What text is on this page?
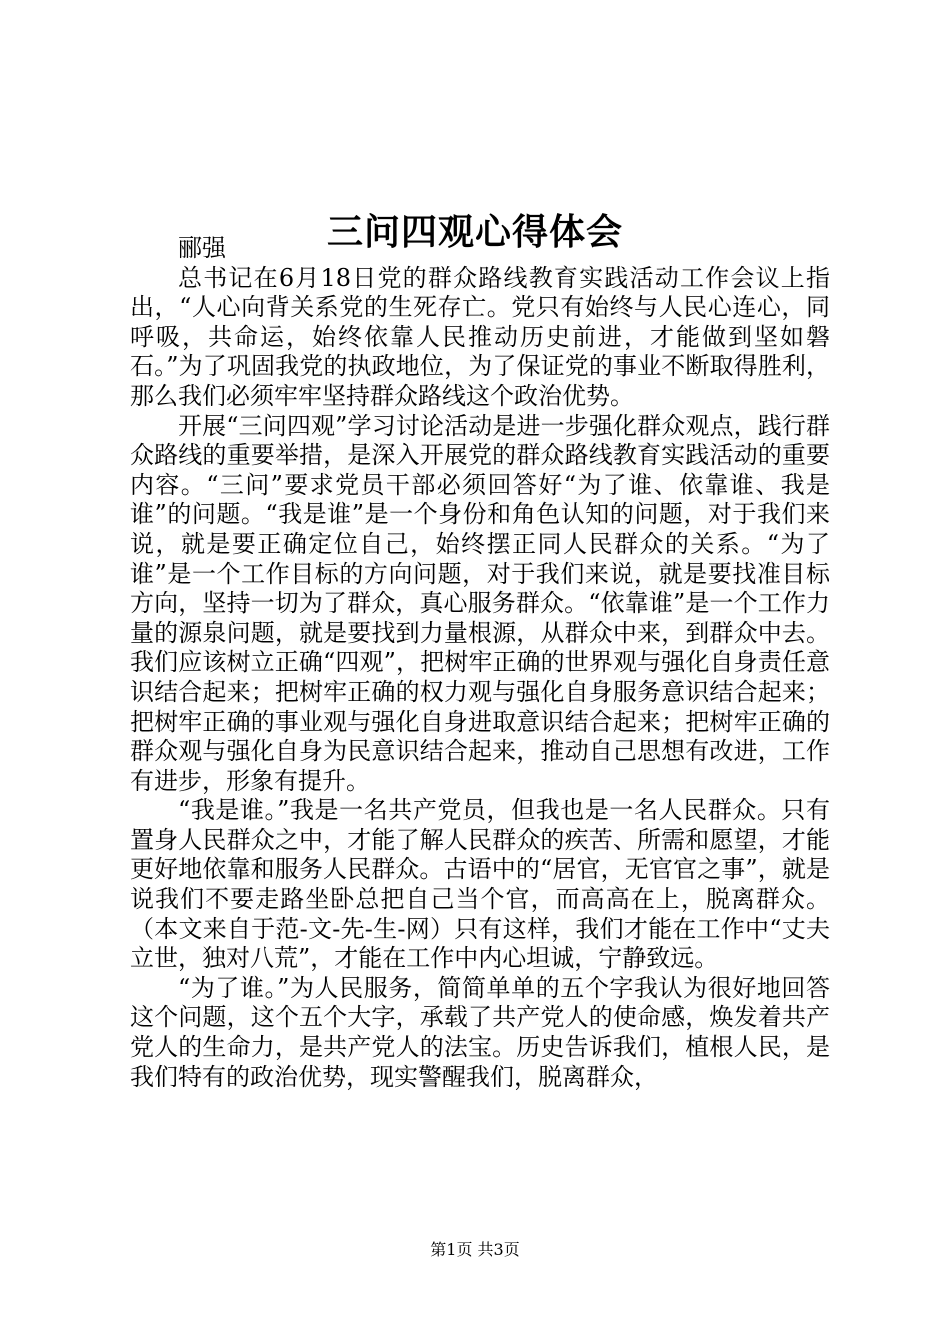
三问四观心得体会

郦强

总书记在6月18日党的群众路线教育实践活动工作会议上指出，“人心向背关系党的生死存亡。党只有始终与人民心连心，同呼吸，共命运，始终依靠人民推动历史前进，才能做到坚如磐石。”为了巩固我党的执政地位，为了保证党的事业不断取得胜利，那么我们必须牢牢坚持群众路线这个政治优势。

开展“三问四观”学习讨论活动是进一步强化群众观点，践行群众路线的重要举措，是深入开展党的群众路线教育实践活动的重要内容。“三问”要求党员干部必须回答好“为了谁、依靠谁、我是谁”的问题。“我是谁”是一个身份和角色认知的问题，对于我们来说，就是要正确定位自己，始终摆正同人民群众的关系。“为了谁”是一个工作目标的方向问题，对于我们来说，就是要找准目标方向，坚持一切为了群众，真心服务群众。“依靠谁”是一个工作力量的源泉问题，就是要找到力量根源，从群众中来，到群众中去。我们应该树立正确“四观”，把树牢正确的世界观与强化自身责任意识结合起来；把树牢正确的权力观与强化自身服务意识结合起来；把树牢正确的事业观与强化自身进取意识结合起来；把树牢正确的群众观与强化自身为民意识结合起来，推动自己思想有改进，工作有进步，形象有提升。

“我是谁。”我是一名共产党员，但我也是一名人民群众。只有置身人民群众之中，才能了解人民群众的疾苦、所需和愿望，才能更好地依靠和服务人民群众。古语中的“居官，无官官之事”，就是说我们不要走路坐卧总把自己当个官，而高高在上，脱离群众。（本文来自于范-文-先-生-网）只有这样，我们才能在工作中“丈夫立世，独对八荒”，才能在工作中内心坦诚，宁静致远。

“为了谁。”为人民服务，简简单单的五个字我认为很好地回答这个问题，这个五个大字，承载了共产党人的使命感，焕发着共产党人的生命力，是共产党人的法宝。历史告诉我们，植根人民，是我们特有的政治优势，现实警醒我们，脱离群众，

第1页 共3页
